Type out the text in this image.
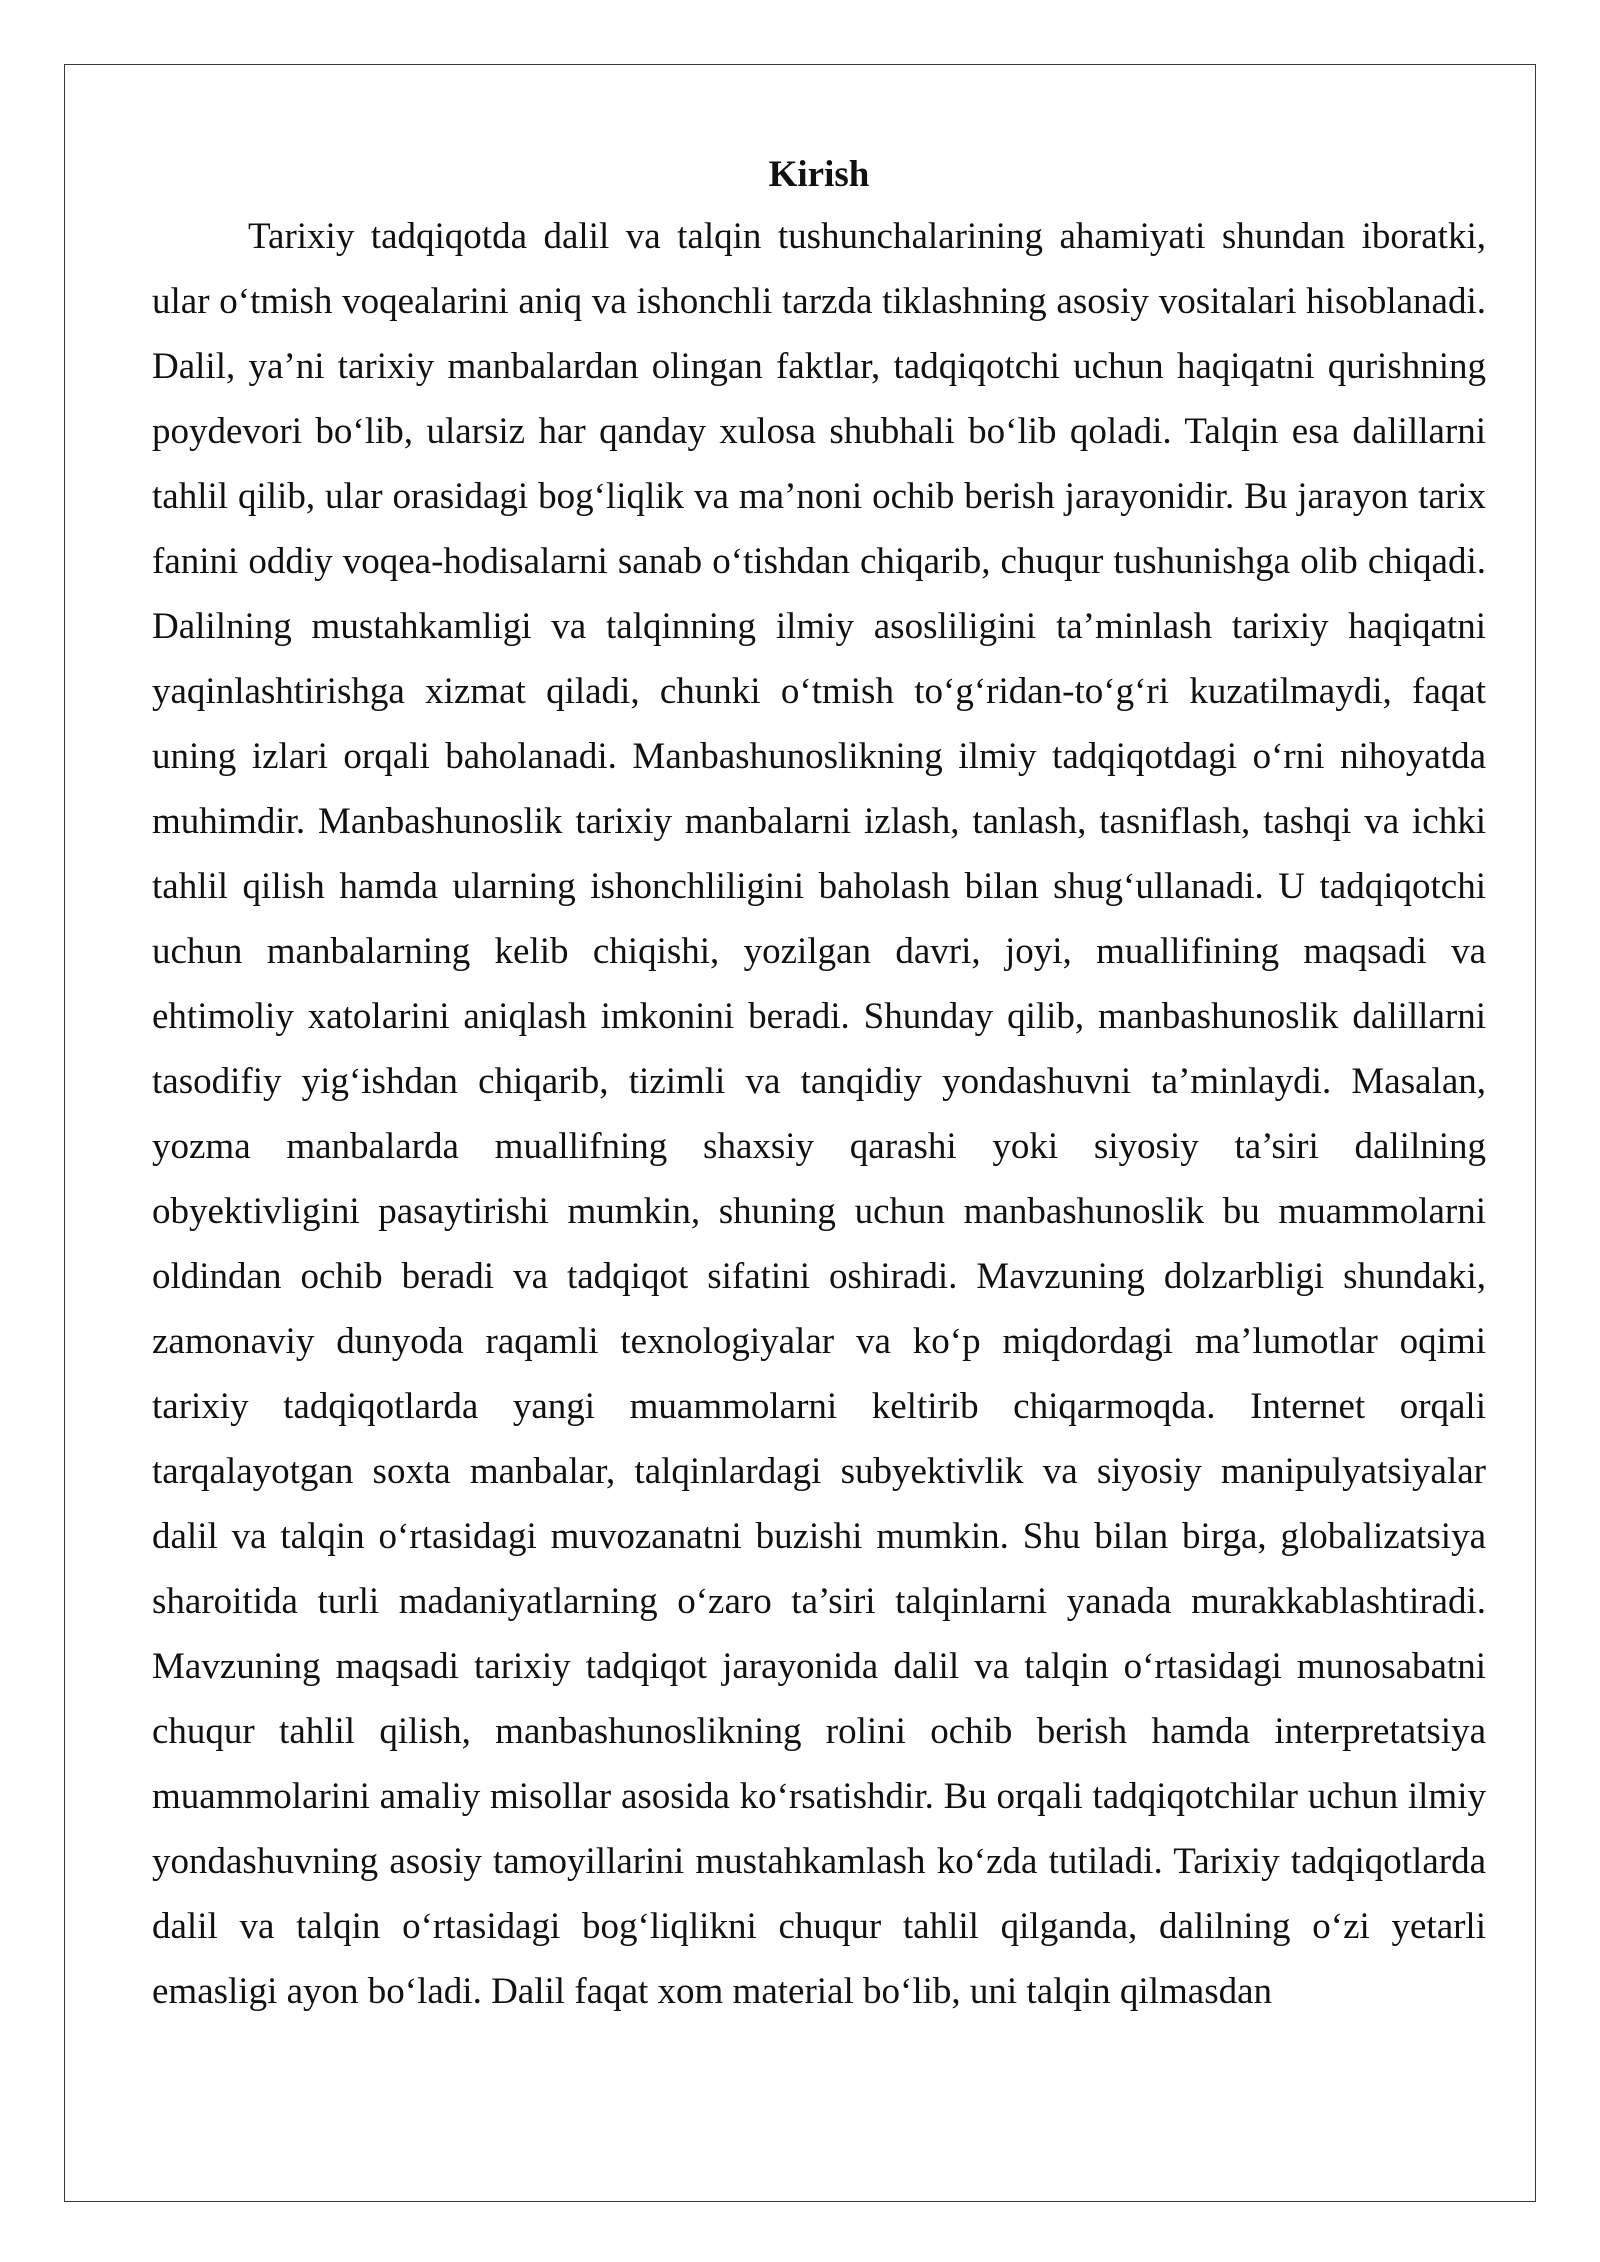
Kirish

Tarixiy tadqiqotda dalil va talqin tushunchalarining ahamiyati shundan iboratki, ular o‘tmish voqealarini aniq va ishonchli tarzda tiklashning asosiy vositalari hisoblanadi. Dalil, ya’ni tarixiy manbalardan olingan faktlar, tadqiqotchi uchun haqiqatni qurishning poydevori bo‘lib, ularsiz har qanday xulosa shubhali bo‘lib qoladi. Talqin esa dalillarni tahlil qilib, ular orasidagi bog‘liqlik va ma’noni ochib berish jarayonidir. Bu jarayon tarix fanini oddiy voqea-hodisalarni sanab o‘tishdan chiqarib, chuqur tushunishga olib chiqadi. Dalilning mustahkamligi va talqinning ilmiy asosliligini ta’minlash tarixiy haqiqatni yaqinlashtirishga xizmat qiladi, chunki o‘tmish to‘g‘ridan-to‘g‘ri kuzatilmaydi, faqat uning izlari orqali baholanadi. Manbashunoslikning ilmiy tadqiqotdagi o‘rni nihoyatda muhimdir. Manbashunoslik tarixiy manbalarni izlash, tanlash, tasniflash, tashqi va ichki tahlil qilish hamda ularning ishonchliligini baholash bilan shug‘ullanadi. U tadqiqotchi uchun manbalarning kelib chiqishi, yozilgan davri, joyi, muallifining maqsadi va ehtimoliy xatolarini aniqlash imkonini beradi. Shunday qilib, manbashunoslik dalillarni tasodifiy yig‘ishdan chiqarib, tizimli va tanqidiy yondashuvni ta’minlaydi. Masalan, yozma manbalarda muallifning shaxsiy qarashi yoki siyosiy ta’siri dalilning obyektivligini pasaytirishi mumkin, shuning uchun manbashunoslik bu muammolarni oldindan ochib beradi va tadqiqot sifatini oshiradi. Mavzuning dolzarbligi shundaki, zamonaviy dunyoda raqamli texnologiyalar va ko‘p miqdordagi ma’lumotlar oqimi tarixiy tadqiqotlarda yangi muammolarni keltirib chiqarmoqda. Internet orqali tarqalayotgan soxta manbalar, talqinlardagi subyektivlik va siyosiy manipulyatsiyalar dalil va talqin o‘rtasidagi muvozanatni buzishi mumkin. Shu bilan birga, globalizatsiya sharoitida turli madaniyatlarning o‘zaro ta’siri talqinlarni yanada murakkablashtiradi. Mavzuning maqsadi tarixiy tadqiqot jarayonida dalil va talqin o‘rtasidagi munosabatni chuqur tahlil qilish, manbashunoslikning rolini ochib berish hamda interpretatsiya muammolarini amaliy misollar asosida ko‘rsatishdir. Bu orqali tadqiqotchilar uchun ilmiy yondashuvning asosiy tamoyillarini mustahkamlash ko‘zda tutiladi. Tarixiy tadqiqotlarda dalil va talqin o‘rtasidagi bog‘liqlikni chuqur tahlil qilganda, dalilning o‘zi yetarli emasligi ayon bo‘ladi. Dalil faqat xom material bo‘lib, uni talqin qilmasdan
